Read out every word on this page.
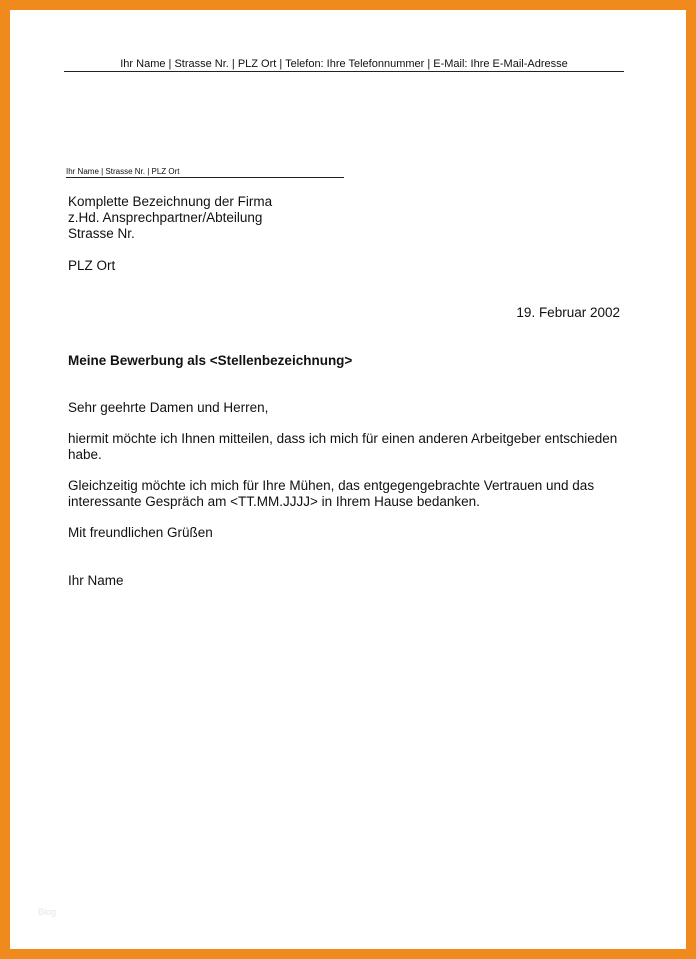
Ihr Name | Strasse Nr. | PLZ Ort | Telefon: Ihre Telefonnummer | E-Mail: Ihre E-Mail-Adresse
Ihr Name | Strasse Nr. | PLZ Ort
Komplette Bezeichnung der Firma
z.Hd. Ansprechpartner/Abteilung
Strasse Nr.
PLZ Ort
19. Februar 2002
Meine Bewerbung als <Stellenbezeichnung>

Sehr geehrte Damen und Herren,

hiermit möchte ich Ihnen mitteilen, dass ich mich für einen anderen Arbeitgeber entschieden habe.

Gleichzeitig möchte ich mich für Ihre Mühen, das entgegengebrachte Vertrauen und das interessante Gespräch am <TT.MM.JJJJ> in Ihrem Hause bedanken.

Mit freundlichen Grüßen

Ihr Name

Blog
